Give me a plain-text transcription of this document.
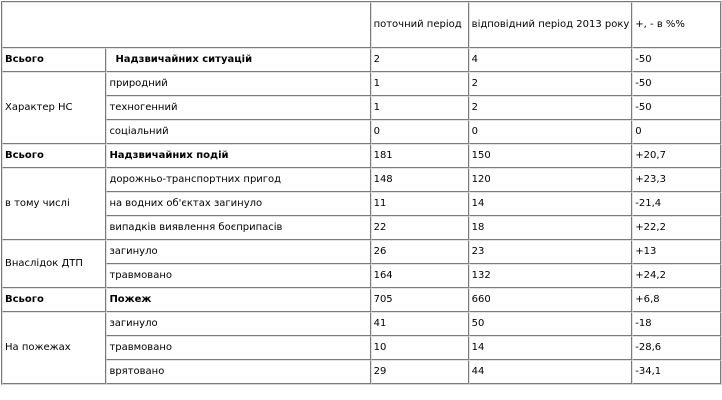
		поточний період	відповідний період 2013 року	+, - в %%
Всього	Надзвичайних ситуацій	2	4	-50
Характер НС	природний	1	2	-50
	техногенний	1	2	-50
	соціальний	0	0	0
Всього	Надзвичайних подій	181	150	+20,7
в тому числі	дорожньо-транспортних пригод	148	120	+23,3
	на водних об'єктах загинуло	11	14	-21,4
	випадків виявлення боєприпасів	22	18	+22,2
Внаслідок ДТП	загинуло	26	23	+13
	травмовано	164	132	+24,2
Всього	Пожеж	705	660	+6,8
На пожежах	загинуло	41	50	-18
	травмовано	10	14	-28,6
	врятовано	29	44	-34,1
